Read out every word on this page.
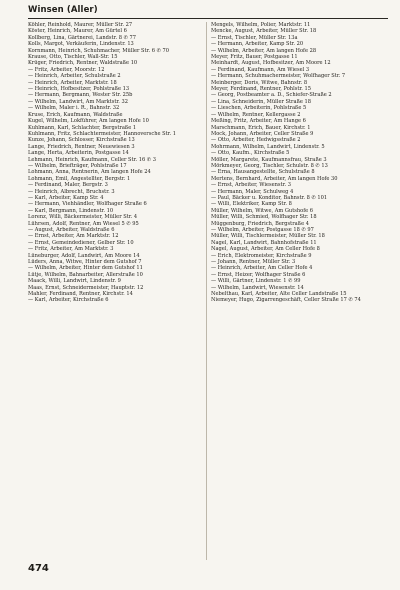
Winsen (Aller)
Köhler, Reinhold, Maurer, Müller Str. 27
Köster, Heinrich, Maurer, Am Gürtel 6
Kollberg, Lina, Gärtnerei, Landstr. 8 ✆ 77
Kolls, Margot, Verkäuferin, Lindenstr. 13
Kornmann, Heinrich, Schuhmacher, Müller Str. 6 ✆ 70
Krause, Otto, Tischler, Wall-Str. 15
Krüger, Friedrich, Rentner, Waldstraße 10
— Fritz, Arbeiter, Moorstr. 12
— Heinrich, Arbeiter, Schulstraße 2
— Heinrich, Arbeiter, Marktstr. 18
— Heinrich, Hofbesitzer, Pohlstraße 13
— Hermann, Bergmann, Wester Str. 25b
— Wilhelm, Landwirt, Am Marktstr. 32
— Wilhelm, Maler i. R., Bahnstr. 32
Kruse, Erich, Kaufmann, Waldstraße
Kugel, Wilhelm, Lokführer, Am langen Hofe 10
Kuhlmann, Karl, Schlachter, Bergstraße 1
Kuhlmann, Fritz, Schlachtermeister, Hannoversche Str. 1
Kunze, Johann, Schlosser, Kirchstraße 13
Lange, Friedrich, Rentner, Neuewiesen 3
Lange, Herta, Arbeiterin, Postgasse 14
Lehmann, Heinrich, Kaufmann, Celler Str. 16 ✆ 3
— Wilhelm, Briefträger, Pohlstraße 17
Lohmann, Anna, Rentnerin, Am langen Hofe 24
Lohmann, Emil, Angestellter, Bergstr. 1
— Ferdinand, Maler, Bergstr. 3
— Heinrich, Albrecht, Bruchstr. 3
— Karl, Arbeiter, Kamp Str. 4
— Hermann, Viehhändler, Wolfhager Straße 6
— Karl, Bergmann, Lindenstr. 10
Lorenz, Willi, Bäckermeister, Müller Str. 4
Lührsen, Adolf, Rentner, Am Wiesel 5 ✆ 95
— August, Arbeiter, Waldstraße 6
— Ernst, Arbeiter, Am Marktstr. 12
— Ernst, Gemeindediener, Gelber Str. 10
— Fritz, Arbeiter, Am Marktstr. 3
Lüneburger, Adolf, Landwirt, Am Moore 14
Lüders, Anna, Witwe, Hinter dem Gutshof 7
— Wilhelm, Arbeiter, Hinter dem Gutshof 11
Lütje, Wilhelm, Bahnarbeiter, Allerstraße 10
Maack, Willi, Landwirt, Lindenstr. 9
Maas, Ernst, Schneidermeister, Hauptstr. 12
Mahler, Ferdinand, Rentner, Kirchstr. 14
— Karl, Arbeiter, Kirchstraße 6
Mengels, Wilhelm, Polier, Marktstr. 11
Mencke, August, Arbeiter, Müller Str. 18
— Ernst, Tischler, Müller Str. 13a
— Hermann, Arbeiter, Kamp Str. 20
— Wilhelm, Arbeiter, Am langen Hofe 28
Meyer, Fritz, Bauer, Postgasse 11
Meinhardt, August, Hofbesitzer, Am Moore 12
— Ferdinand, Kaufmann, Am Wiesel 3
— Hermann, Schuhmachermeister, Wolfhager Str. 7
Meinberger, Doris, Witwe, Bahnstr. 8
Meyer, Ferdinand, Rentner, Pohlstr. 15
— Georg, Postbeamter a. D., Schiefer-Straße 2
— Lina, Schneiderin, Müller Straße 18
— Lieschen, Arbeiterin, Pohlstraße 5
— Wilhelm, Rentner, Kellergasse 2
Meßing, Fritz, Arbeiter, Am Hange 6
Marschmann, Erich, Bauer, Kirchstr. 1
Mock, Johann, Arbeiter, Celler Straße 9
— Otto, Arbeiter, Hedwigsstraße 2
Mohrmann, Wilhelm, Landwirt, Lindenstr. 5
— Otto, Kaufm., Kirchstraße 5
Möller, Margarete, Kaufmannsfrau, Straße 3
Mörkmeyer, Georg, Tischler, Schulstr. 8 ✆ 13
— Erna, Hausangestellte, Schulstraße 8
Mertens, Bernhard, Arbeiter, Am langen Hofe 30
— Ernst, Arbeiter, Wiesenstr. 3
— Hermann, Maler, Schulweg 4
— Paul, Bäcker u. Konditor, Bahnstr. 8 ✆ 101
— Willi, Elektriker, Kamp Str. 8
Müller, Wilhelm, Witwe, Am Gutshofe 6
Müller, Willi, Schmied, Wolfhager Str. 18
Müggenburg, Friedrich, Bergstraße 4
— Wilhelm, Arbeiter, Postgasse 18 ✆ 97
Müller, Willi, Tischlermeister, Müller Str. 18
Nagel, Karl, Landwirt, Bahnhofstraße 11
Nagel, August, Arbeiter, Am Celler Hofe 8
— Erich, Elektromeister, Kirchstraße 9
— Johann, Rentner, Müller Str. 3
— Heinrich, Arbeiter, Am Celler Hofe 4
— Ernst, Heizer, Wolfhager Straße 6
— Willi, Gärtner, Lindenstr. 1 ✆ 99
— Wilhelm, Landwirt, Wiesenstr. 14
Nebelthau, Karl, Arbeiter, Alte Celler Landstraße 15
Niemeyer, Hugo, Zigarrengeschäft, Celler Straße 17 ✆ 74
474
